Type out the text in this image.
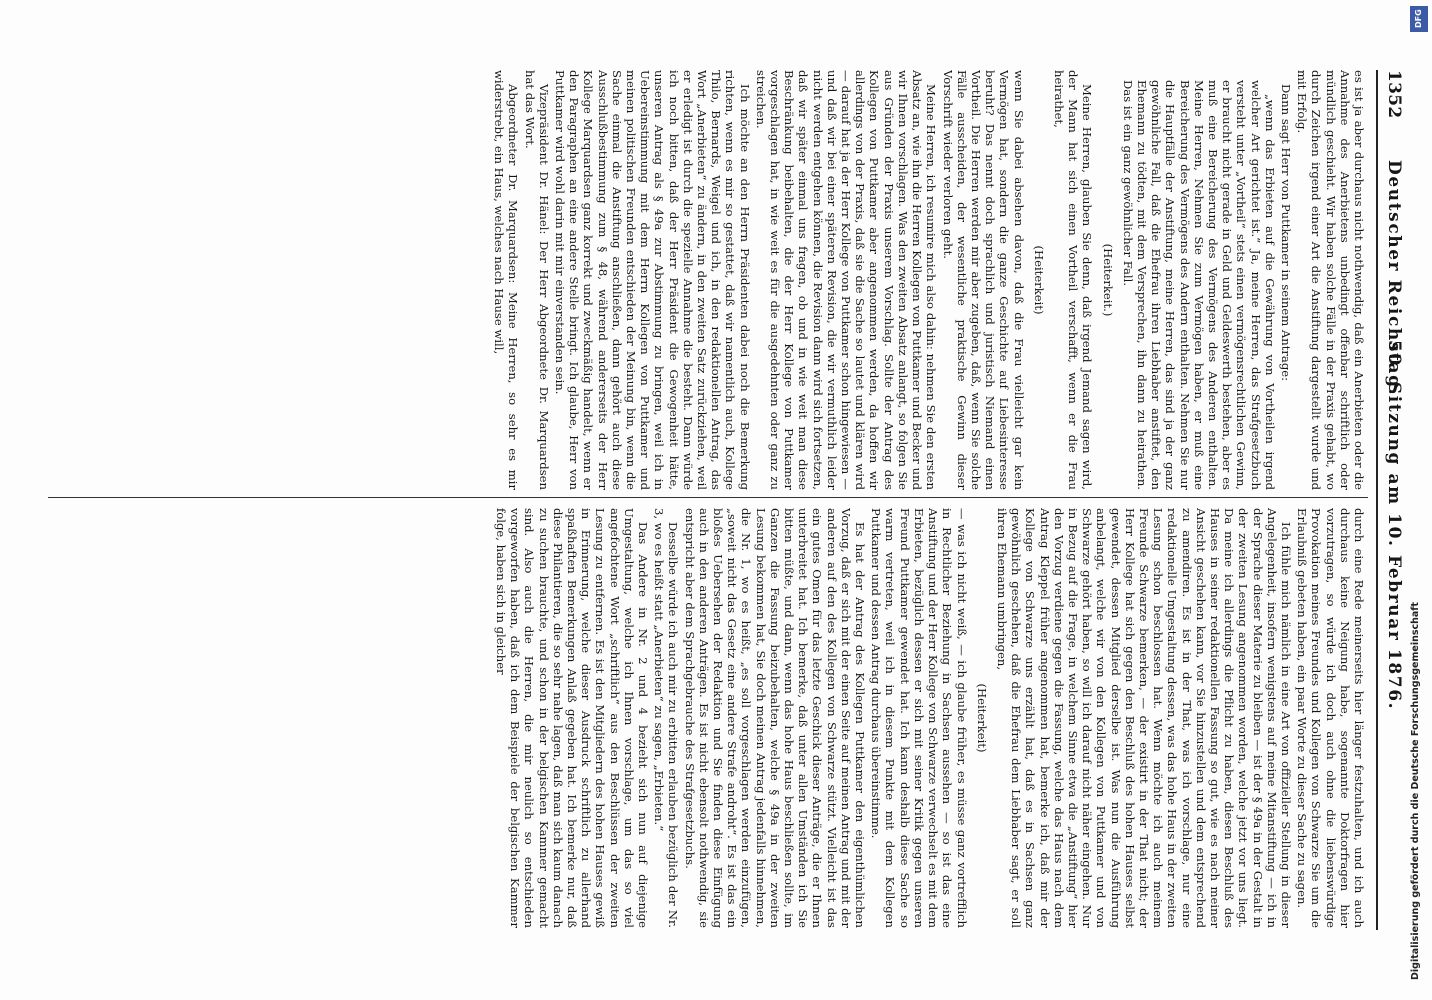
1352
Deutscher Reichstag.
50. Sitzung am 10. Februar 1876.

es ist ja aber durchaus nicht nothwendig, daß ein Anerbieten oder die Annahme des Anerbietens unbedingt offenbar schriftlich oder mündlich geschieht. Wir haben solche Fälle in der Praxis gehabt, wo durch Zeichen irgend einer Art die Anstiftung dargestellt wurde und mit Erfolg.

Dann sagt Herr von Puttkamer in seinem Antrage:

„wenn das Erbieten auf die Gewährung von Vortheilen irgend welcher Art gerichtet ist.“ Ja, meine Herren, das Strafgesetzbuch versteht unter „Vortheil“ stets einen vermögensrechtlichen Gewinn, er braucht nicht gerade in Geld und Geldeswerth bestehen, aber es muß eine Bereicherung des Vermögens des Anderen enthalten. Meine Herren, Nehmen Sie zum Vermögen haben, er muß eine Bereicherung des Vermögens des Andern enthalten. Nehmen Sie nur die Hauptfälle der Anstiftung, meine Herren, das sind ja der ganz gewöhnliche Fall, daß die Ehefrau ihren Liebhaber anstiftet, den Ehemann zu tödten, mit dem Versprechen, ihn dann zu heirathen. Das ist ein ganz gewöhnlicher Fall.

(Heiterkeit.)

Meine Herren, glauben Sie denn, daß irgend Jemand sagen wird, der Mann hat sich einen Vortheil verschafft, wenn er die Frau heirathet,

(Heiterkeit)

wenn Sie dabei absehen davon, daß die Frau vielleicht gar kein Vermögen hat, sondern die ganze Geschichte auf Liebesinteresse beruht? Das nennt doch sprachlich und juristisch Niemand einen Vortheil. Die Herren werden mir aber zugeben, daß, wenn Sie solche Fälle ausscheiden, der wesentliche praktische Gewinn dieser Vorschrift wieder verloren geht.

Meine Herren, ich resumire mich also dahin: nehmen Sie den ersten Absatz an, wie ihn die Herren Kollegen von Puttkamer und Becker und wir Ihnen vorschlagen. Was den zweiten Absatz anlangt, so folgen Sie aus Gründen der Praxis unserem Vorschlag. Sollte der Antrag des Kollegen von Puttkamer aber angenommen werden, da hoffen wir allerdings von der Praxis, daß sie die Sache so lautet und klären wird — darauf hat ja der Herr Kollege von Puttkamer schon hingewiesen — und daß wir bei einer späteren Revision, die wir vermuthlich leider nicht werden entgehen können, die Revision dann wird sich fortsetzen, daß wir später einmal uns fragen, ob und in wie weit man diese Beschränkung beibehalten, die der Herr Kollege von Puttkamer vorgeschlagen hat, in wie weit es für die ausgedehnten oder ganz zu streichen.

Ich möchte an den Herrn Präsidenten dabei noch die Bemerkung richten, wenn es mir so gestattet, daß wir namentlich auch, Kollege Thilo, Bernards, Weigel und ich, in den redaktionellen Antrag, das Wort „Anerbieten“ zu ändern, in den zweiten Satz zurückziehen, weil er erledigt ist durch die spezielle Annahme die besteht. Dann würde ich noch bitten, daß der Herr Präsident die Gewogenheit hätte, unseren Antrag als § 49a zur Abstimmung zu bringen, weil ich in Uebereinstimmung mit dem Herrn Kollegen von Puttkamer und meinen politischen Freunden entschieden der Meinung bin, wenn die Sache einmal die Anstiftung anschließen, dann gehört auch diese Ausschlußbestimmung zum § 48, während andererseits der Herr Kollege Marquardsen ganz korrekt und zweckmäßig handelt, wenn er den Paragraphen an eine andere Stelle bringt. Ich glaube, Herr von Puttkamer wird wohl darin mit mir einverstanden sein.

Vizepräsident Dr. Hänel: Der Herr Abgeordnete Dr. Marquardsen hat das Wort.

Abgeordneter Dr. Marquardsen: Meine Herren, so sehr es mir widerstrebt, ein Haus, welches nach Hause will,

durch eine Rede meinerseits hier länger festzuhalten, und ich auch durchaus keine Neigung habe, sogenannte Doktorfragen hier vorzutragen, so würde ich doch auch ohne die liebenswürdige Provokation meines Freundes und Kollegen von Schwarze Sie um die Erlaubniß gebeten haben, ein paar Worte zu dieser Sache zu sagen.

Ich fühle mich nämlich in eine Art von offizieller Stellung in dieser Angelegenheit, insofern wenigstens auf meine Mitanstiftung — ich in der Sprache dieser Materie zu bleiben — ist der § 49a in der Gestalt in der zweiten Lesung angenommen worden, welche jetzt vor uns liegt. Da meine ich allerdings die Pflicht zu haben, diesen Beschluß des Hauses in seiner redaktionellen Fassung so gut, wie es nach meiner Ansicht geschehen kann, vor Sie hinzustellen und dem entsprechend zu amendiren. Es ist in der That, was ich vorschlage, nur eine redaktionelle Umgestaltung dessen, was das hohe Haus in der zweiten Lesung schon beschlossen hat. Wenn möchte ich auch meinem Freunde Schwarze bemerken, — der existirt in der That nicht; der Herr Kollege hat sich gegen den Beschluß des hohen Hauses selbst gewendet, dessen Mitglied derselbe ist. Was nun die Ausführung anbelangt, welche wir von den Kollegen von Puttkamer und von Schwarze gehört haben, so will ich darauf nicht näher eingehen. Nur in Bezug auf die Frage, in welchem Sinne etwa die „Anstiftung“ hier den Vorzug verdiene gegen die Fassung, welche das Haus nach dem Antrag Kleppel früher angenommen hat, bemerke ich, daß mir der Kollege von Schwarze uns erzählt hat, daß es in Sachsen ganz gewöhnlich geschehen, daß die Ehefrau dem Liebhaber sagt, er soll ihren Ehemann umbringen,

(Heiterkeit)

— was ich nicht weiß, — ich glaube früher, es müsse ganz vortrefflich in Rechtlicher Beziehung in Sachsen aussehen — so ist das eine Anstiftung und der Herr Kollege von Schwarze verwechselt es mit dem Erbieten, bezüglich dessen er sich mit seiner Kritik gegen unseren Freund Puttkamer gewendet hat. Ich kann deshalb diese Sache so warm vertreten, weil ich in diesem Punkte mit dem Kollegen Puttkamer und dessen Antrag durchaus übereinstimme.

Es hat der Antrag des Kollegen Puttkamer den eigenthümlichen Vorzug, daß er sich mit der einen Seite auf meinen Antrag und mit der anderen auf den des Kollegen von Schwarze stützt. Vielleicht ist das ein gutes Omen für das letzte Geschick dieser Anträge, die er Ihnen unterbreitet hat. Ich bemerke, daß unter allen Umständen ich Sie bitten müßte, und dann, wenn das hohe Haus beschließen sollte, im Ganzen die Fassung beizubehalten, welche § 49a in der zweiten Lesung bekommen hat, Sie doch meinen Antrag jedenfalls hinnehmen, die Nr. 1, wo es heißt, „es soll vorgeschlagen werden einzufügen, „soweit nicht das Gesetz eine andere Strafe androht“. Es ist das ein bloßes Uebersehen der Redaktion und Sie finden diese Einfügung auch in den anderen Anträgen. Es ist nicht ebensolt nothwendig, sie entspricht aber dem Sprachgebrauche des Strafgesetzbuchs.

Desselbe würde ich auch mir zu erbitten erlauben bezüglich der Nr. 3, wo es heißt statt „Anerbieten“ zu sagen, „Erbieten.“

Das Andere in Nr. 2 und 4 bezieht sich nun auf diejenige Umgestaltung, welche ich Ihnen vorschlage, um das so viel angefochtene Wort „schriftlich“ aus den Beschlüssen der zweiten Lesung zu entfernen. Es ist den Mitgliedern des hohen Hauses gewiß in Erinnerung, welche dieser Ausdruck schriftlich zu allerhand spaßhaften Bemerkungen Anlaß gegeben hat. Ich bemerke nur, daß diese Philantieren, die so sehr nahe lagen, daß man sich kaum danach zu suchen brauchte, und schon in der belgischen Kammer gemacht sind. Also auch die Herren, die mir neulich so entschieden vorgeworfen haben, daß ich dem Beispiele der belgischen Kammer folge, haben sich in gleicher

DFG
Digitalisierung gefördert durch die Deutsche Forschungsgemeinschaft
